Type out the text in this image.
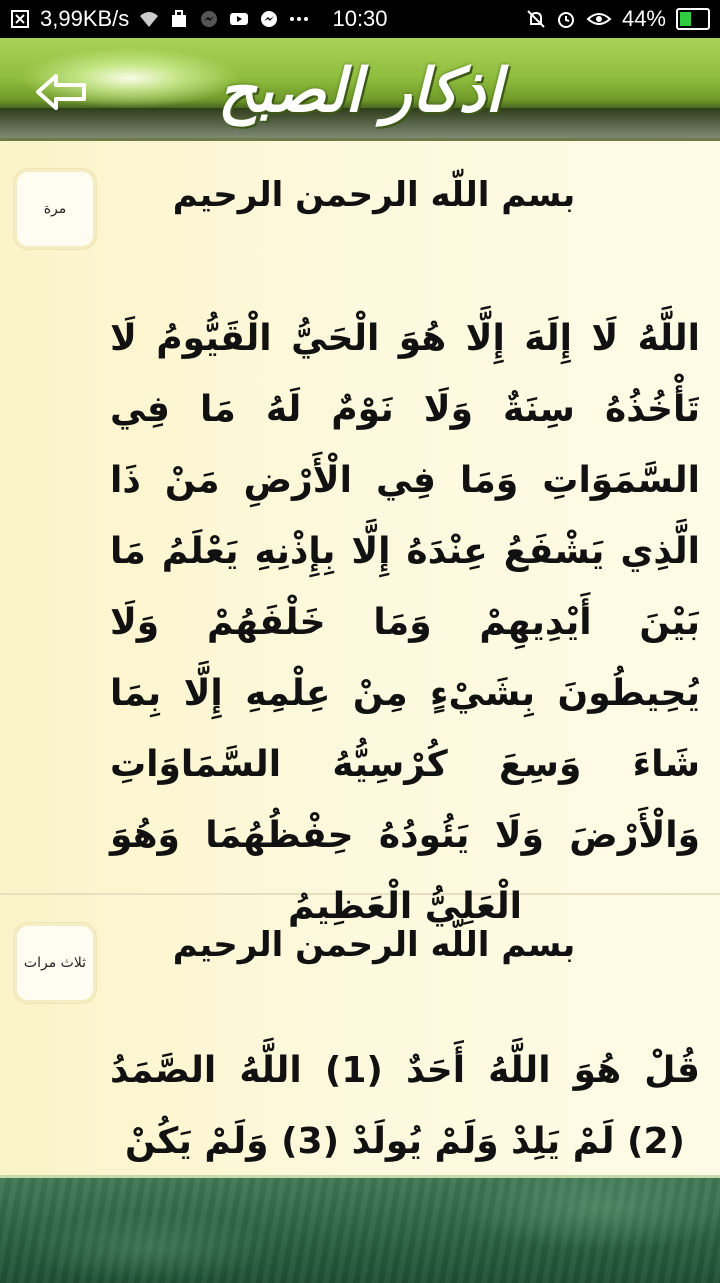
3,99KB/s	10:30	44%
اذكار الصبح
مرة	بسم اللّه الرحمن الرحيم
اللَّهُ لَا إِلَهَ إِلَّا هُوَ الْحَيُّ الْقَيُّومُ لَا تَأْخُذُهُ سِنَةٌ وَلَا نَوْمٌ لَهُ مَا فِي السَّمَوَاتِ وَمَا فِي الْأَرْضِ مَنْ ذَا الَّذِي يَشْفَعُ عِنْدَهُ إِلَّا بِإِذْنِهِ يَعْلَمُ مَا بَيْنَ أَيْدِيهِمْ وَمَا خَلْفَهُمْ وَلَا يُحِيطُونَ بِشَيْءٍ مِنْ عِلْمِهِ إِلَّا بِمَا شَاءَ وَسِعَ كُرْسِيُّهُ السَّمَاوَاتِ وَالْأَرْضَ وَلَا يَئُودُهُ حِفْظُهُمَا وَهُوَ الْعَلِيُّ الْعَظِيمُ
ثلاث مرات	بسم اللّه الرحمن الرحيم
قُلْ هُوَ اللَّهُ أَحَدٌ (1) اللَّهُ الصَّمَدُ (2) لَمْ يَلِدْ وَلَمْ يُولَدْ (3) وَلَمْ يَكُنْ
